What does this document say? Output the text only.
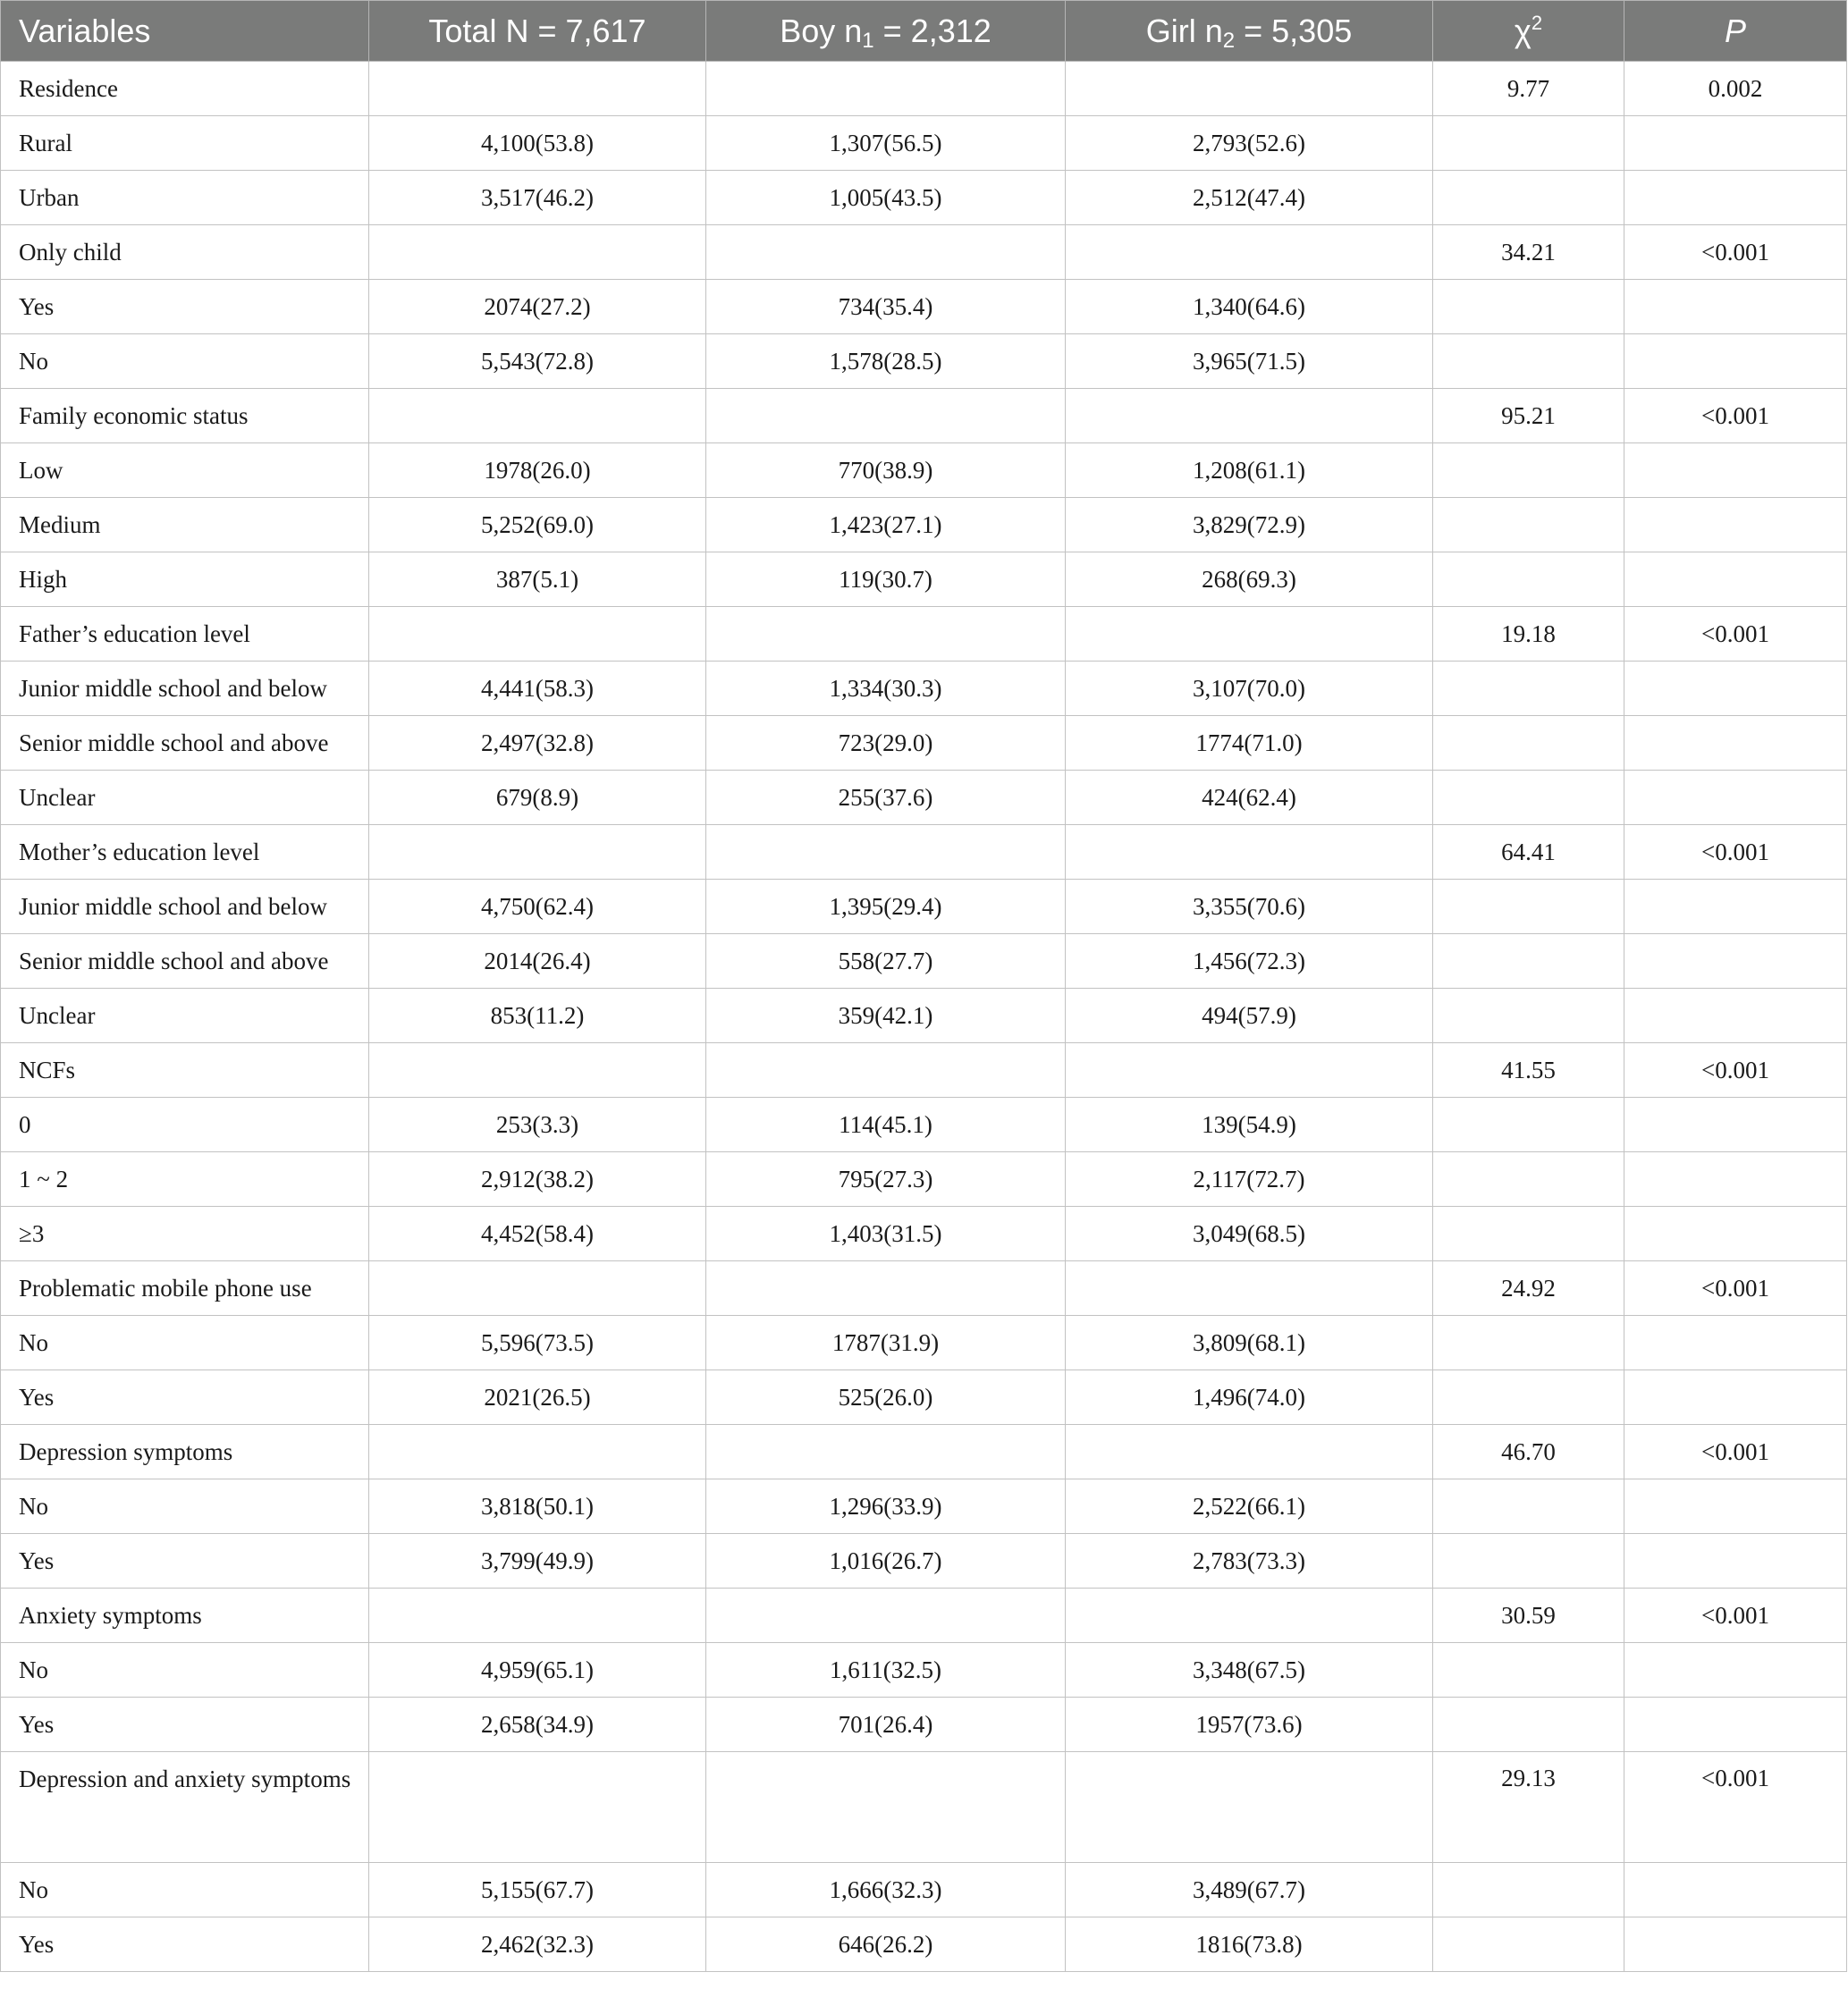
Variables	Total N = 7,617	Boy $n_1 = 2,312$	Girl $n_2 = 5,305$	$\chi^2$	P
Residence				9.77	0.002
Rural	4,100(53.8)	1,307(56.5)	2,793(52.6)		
Urban	3,517(46.2)	1,005(43.5)	2,512(47.4)		
Only child				34.21	<0.001
Yes	2074(27.2)	734(35.4)	1,340(64.6)		
No	5,543(72.8)	1,578(28.5)	3,965(71.5)		
Family economic status				95.21	<0.001
Low	1978(26.0)	770(38.9)	1,208(61.1)		
Medium	5,252(69.0)	1,423(27.1)	3,829(72.9)		
High	387(5.1)	119(30.7)	268(69.3)		
Father’s education level				19.18	<0.001
Junior middle school and below	4,441(58.3)	1,334(30.3)	3,107(70.0)		
Senior middle school and above	2,497(32.8)	723(29.0)	1774(71.0)		
Unclear	679(8.9)	255(37.6)	424(62.4)		
Mother’s education level				64.41	<0.001
Junior middle school and below	4,750(62.4)	1,395(29.4)	3,355(70.6)		
Senior middle school and above	2014(26.4)	558(27.7)	1,456(72.3)		
Unclear	853(11.2)	359(42.1)	494(57.9)		
NCFs				41.55	<0.001
0	253(3.3)	114(45.1)	139(54.9)		
1 ~ 2	2,912(38.2)	795(27.3)	2,117(72.7)		
≥3	4,452(58.4)	1,403(31.5)	3,049(68.5)		
Problematic mobile phone use				24.92	<0.001
No	5,596(73.5)	1787(31.9)	3,809(68.1)		
Yes	2021(26.5)	525(26.0)	1,496(74.0)		
Depression symptoms				46.70	<0.001
No	3,818(50.1)	1,296(33.9)	2,522(66.1)		
Yes	3,799(49.9)	1,016(26.7)	2,783(73.3)		
Anxiety symptoms				30.59	<0.001
No	4,959(65.1)	1,611(32.5)	3,348(67.5)		
Yes	2,658(34.9)	701(26.4)	1957(73.6)		
Depression and anxiety symptoms				29.13	<0.001
No	5,155(67.7)	1,666(32.3)	3,489(67.7)		
Yes	2,462(32.3)	646(26.2)	1816(73.8)		
